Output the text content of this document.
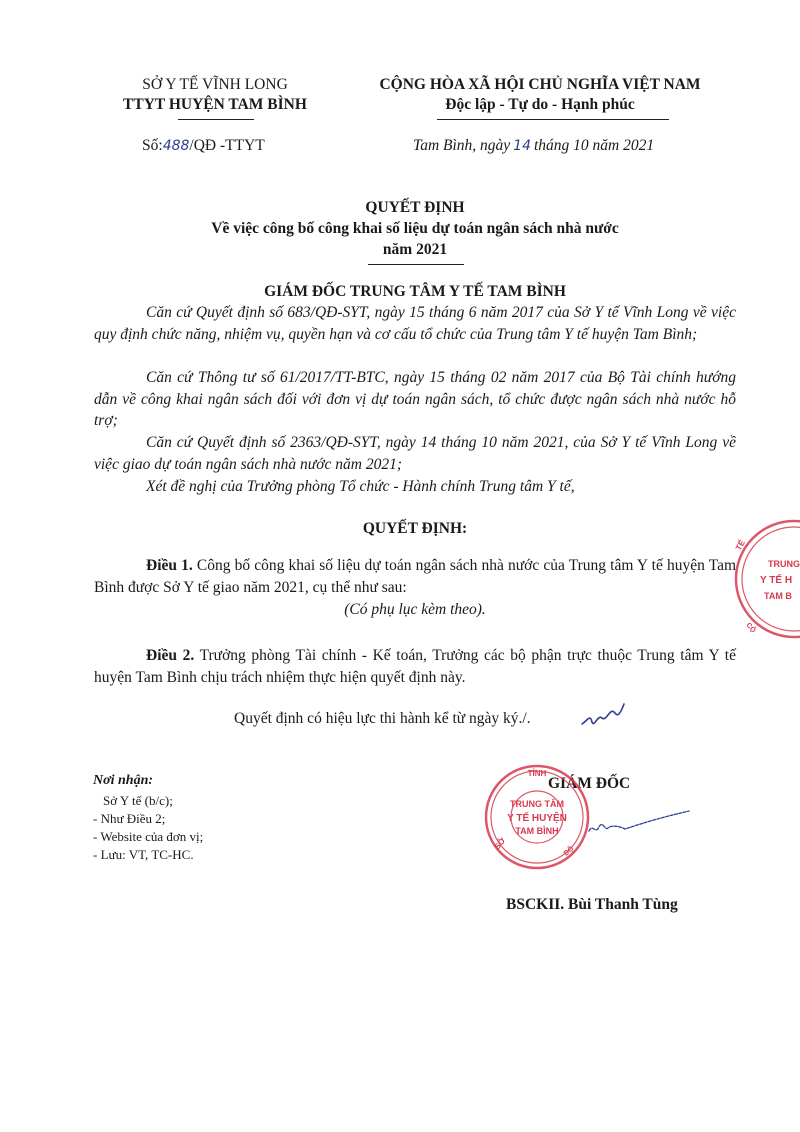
SỞ Y TẾ VĨNH LONG
TTYT HUYỆN TAM BÌNH
Số:488/QĐ -TTYT
CỘNG HÒA XÃ HỘI CHỦ NGHĨA VIỆT NAM
Độc lập - Tự do - Hạnh phúc
Tam Bình, ngày 14 tháng 10 năm 2021
QUYẾT ĐỊNH
Về việc công bố công khai số liệu dự toán ngân sách nhà nước
năm 2021
GIÁM ĐỐC TRUNG TÂM Y TẾ TAM BÌNH
Căn cứ Quyết định số 683/QĐ-SYT, ngày 15 tháng 6 năm 2017 của Sở Y tế Vĩnh Long về việc quy định chức năng, nhiệm vụ, quyền hạn và cơ cấu tổ chức của Trung tâm Y tế huyện Tam Bình;
Căn cứ Thông tư số 61/2017/TT-BTC, ngày 15 tháng 02 năm 2017 của Bộ Tài chính hướng dẫn về công khai ngân sách đối với đơn vị dự toán ngân sách, tổ chức được ngân sách nhà nước hỗ trợ;
Căn cứ Quyết định số 2363/QĐ-SYT, ngày 14 tháng 10 năm 2021, của Sở Y tế Vĩnh Long về việc giao dự toán ngân sách nhà nước năm 2021;
Xét đề nghị của Trưởng phòng Tổ chức - Hành chính Trung tâm Y tế,
QUYẾT ĐỊNH:
Điều 1. Công bố công khai số liệu dự toán ngân sách nhà nước của Trung tâm Y tế huyện Tam Bình được Sở Y tế giao năm 2021, cụ thể như sau:
(Có phụ lục kèm theo).
Điều 2. Trưởng phòng Tài chính - Kế toán, Trưởng các bộ phận trực thuộc Trung tâm Y tế huyện Tam Bình chịu trách nhiệm thực hiện quyết định này.
Quyết định có hiệu lực thi hành kể từ ngày ký./.
Nơi nhận:
Sở Y tế (b/c);
- Như Điều 2;
- Website của đơn vị;
- Lưu: VT, TC-HC.
GIÁM ĐỐC
TỈNH
SỞ
ĐỘ
TRUNG TÂM
Y TẾ HUYỆN
TAM BÌNH
BSCKII. Bùi Thanh Tùng
TẾ
CỘ
TRUNG
Y TẾ H
TAM B
